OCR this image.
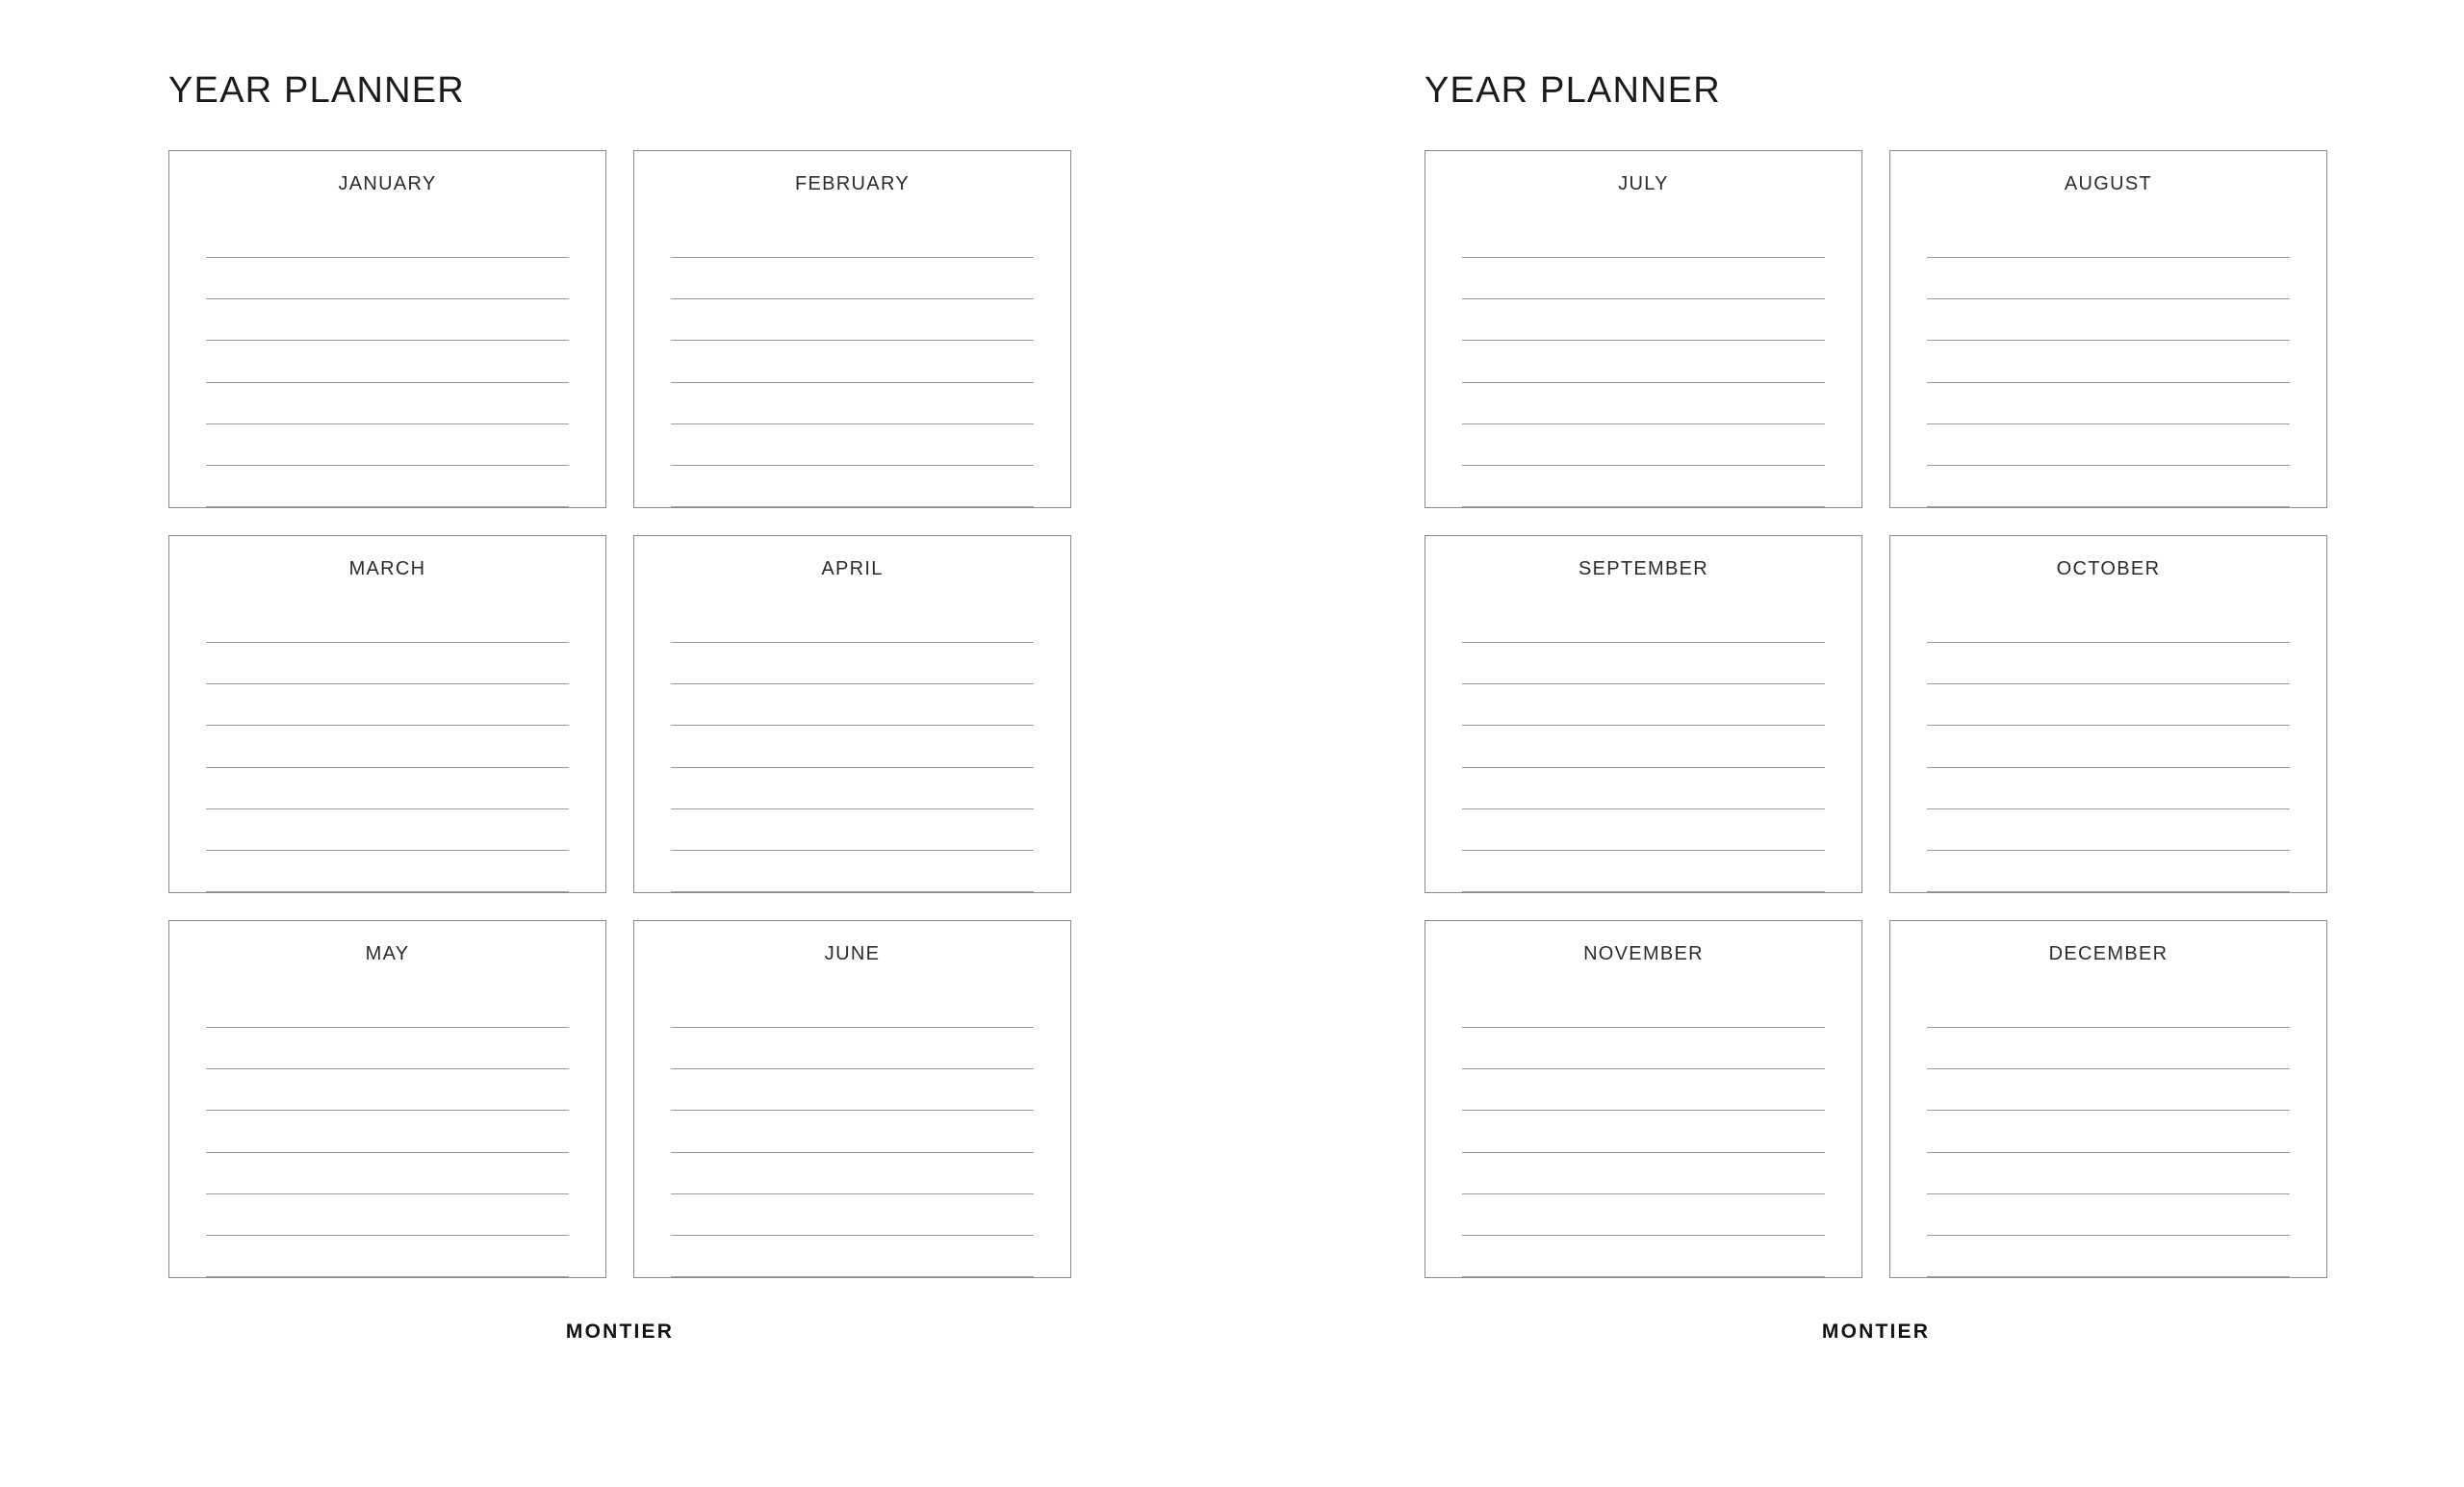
YEAR PLANNER
JANUARY	FEBRUARY
MARCH	APRIL
MAY	JUNE
MONTIER
YEAR PLANNER
JULY	AUGUST
SEPTEMBER	OCTOBER
NOVEMBER	DECEMBER
MONTIER
